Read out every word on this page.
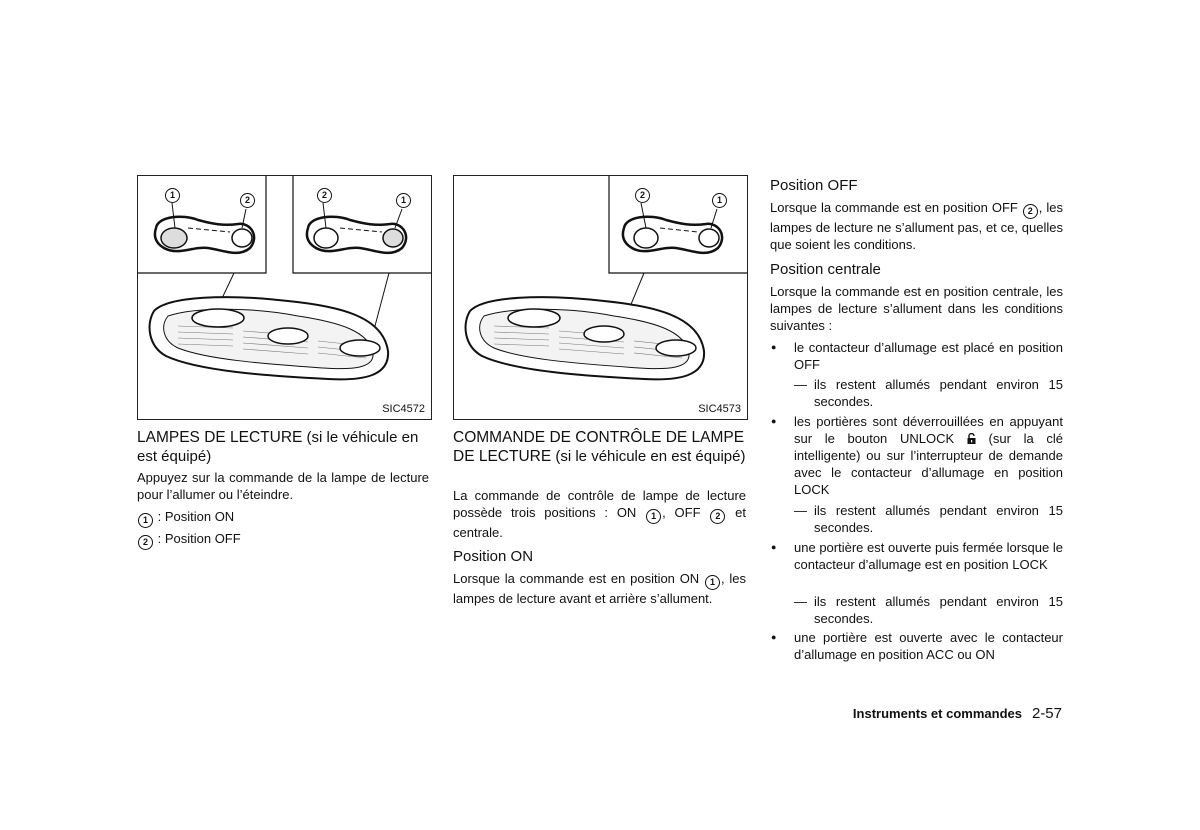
1	2	2	1
SIC4572
2	1
SIC4573
LAMPES DE LECTURE (si le véhicule en est équipé)
Appuyez sur la commande de la lampe de lecture pour l’allumer ou l’éteindre.
1 : Position ON
2 : Position OFF
COMMANDE DE CONTRÔLE DE LAMPE DE LECTURE (si le véhicule en est équipé)
La commande de contrôle de lampe de lecture possède trois positions : ON 1 , OFF 2 et centrale.
Position ON
Lorsque la commande est en position ON 1 , les lampes de lecture avant et arrière s’allument.
Position OFF
Lorsque la commande est en position OFF 2 , les lampes de lecture ne s’allument pas, et ce, quelles que soient les conditions.
Position centrale
Lorsque la commande est en position centrale, les lampes de lecture s’allument dans les conditions suivantes :
● le contacteur d’allumage est placé en position OFF
— ils restent allumés pendant environ 15 secondes.
● les portières sont déverrouillées en appuyant sur le bouton UNLOCK  (sur la clé intelligente) ou sur l’interrupteur de demande avec le contacteur d’allumage en position LOCK
— ils restent allumés pendant environ 15 secondes.
● une portière est ouverte puis fermée lorsque le contacteur d’allumage est en position LOCK
— ils restent allumés pendant environ 15 secondes.
● une portière est ouverte avec le contacteur d’allumage en position ACC ou ON
Instruments et commandes 2-57
